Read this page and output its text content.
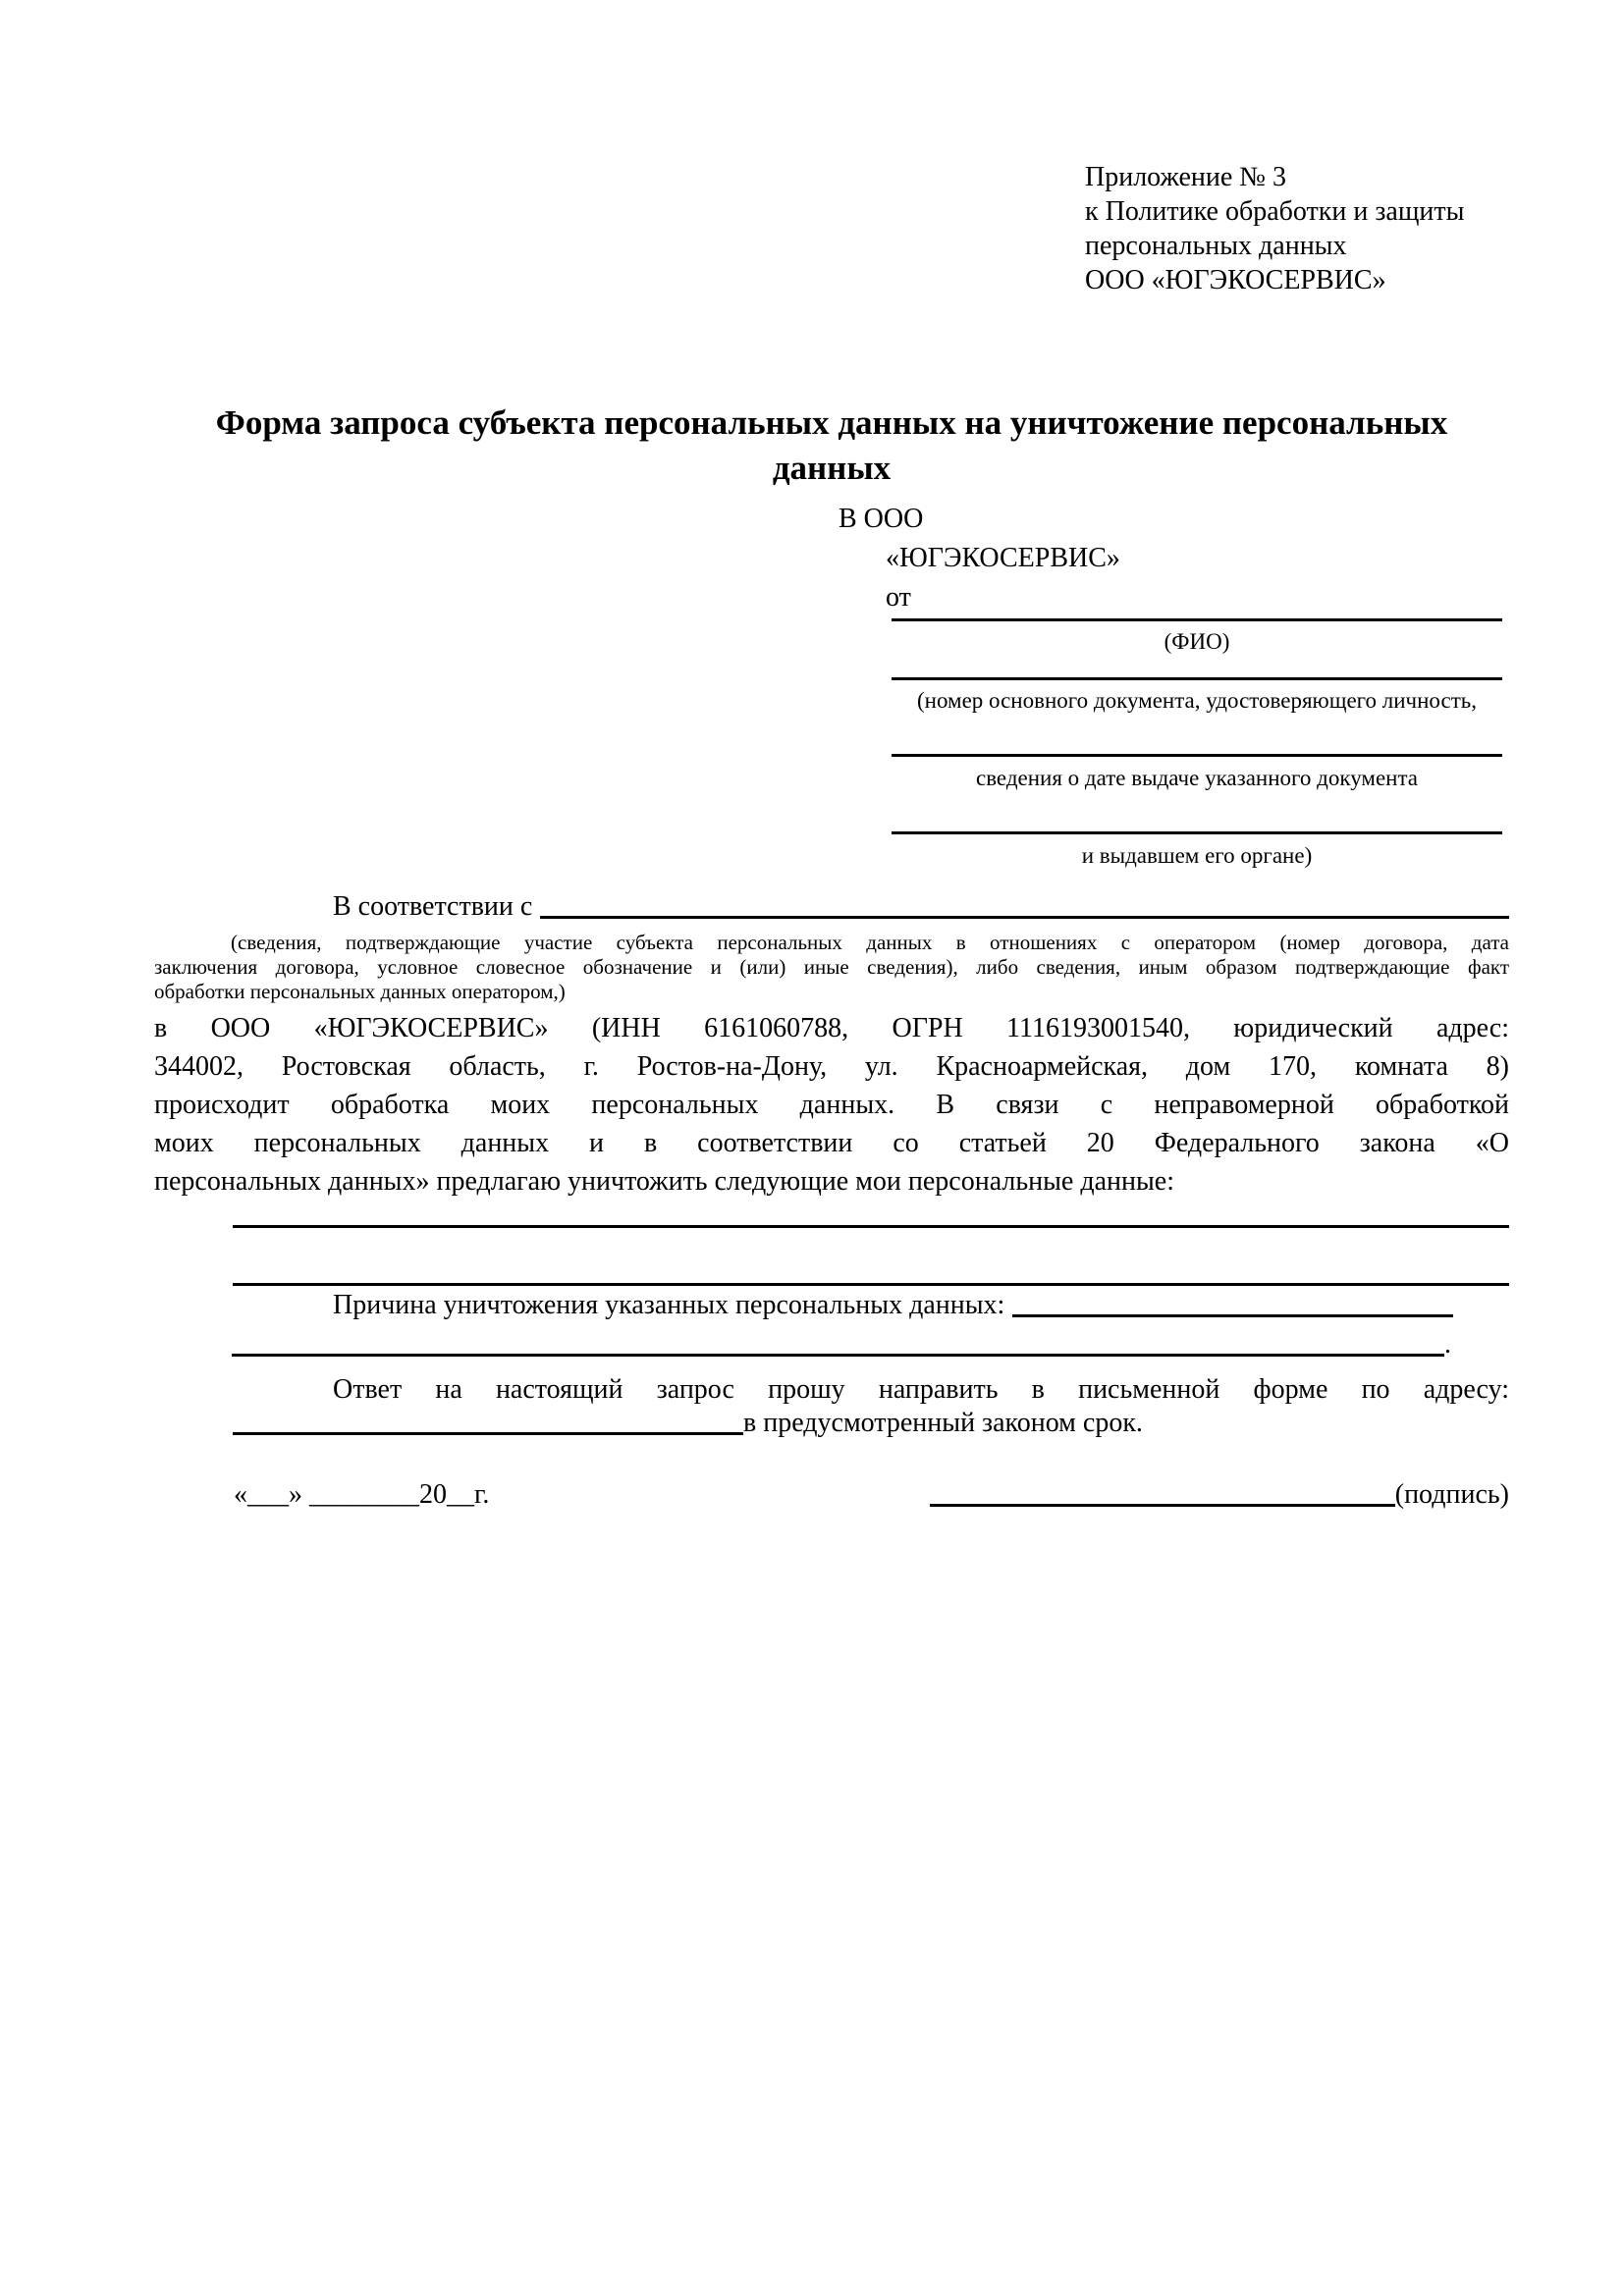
Приложение № 3
к Политике обработки и защиты
персональных данных
ООО «ЮГЭКОСЕРВИС»
Форма запроса субъекта персональных данных на уничтожение персональных данных
В ООО
«ЮГЭКОСЕРВИС»
от
(ФИО)
(номер основного документа, удостоверяющего личность,
сведения о дате выдаче указанного документа
и выдавшем его органе)
В соответствии с
(сведения, подтверждающие участие субъекта персональных данных в отношениях с оператором (номер договора, дата
заключения договора, условное словесное обозначение и (или) иные сведения), либо сведения, иным образом подтверждающие факт
обработки персональных данных оператором,)
в ООО «ЮГЭКОСЕРВИС» (ИНН 6161060788, ОГРН 1116193001540, юридический адрес:
344002, Ростовская область, г. Ростов-на-Дону, ул. Красноармейская, дом 170, комната 8)
происходит обработка моих персональных данных. В связи с неправомерной обработкой
моих персональных данных и в соответствии со статьей 20 Федерального закона «О
персональных данных» предлагаю уничтожить следующие мои персональные данные:
Причина уничтожения указанных персональных данных:
.
Ответ на настоящий запрос прошу направить в письменной форме по адресу:
в предусмотренный законом срок.
«___» ________20__г.	(подпись)
